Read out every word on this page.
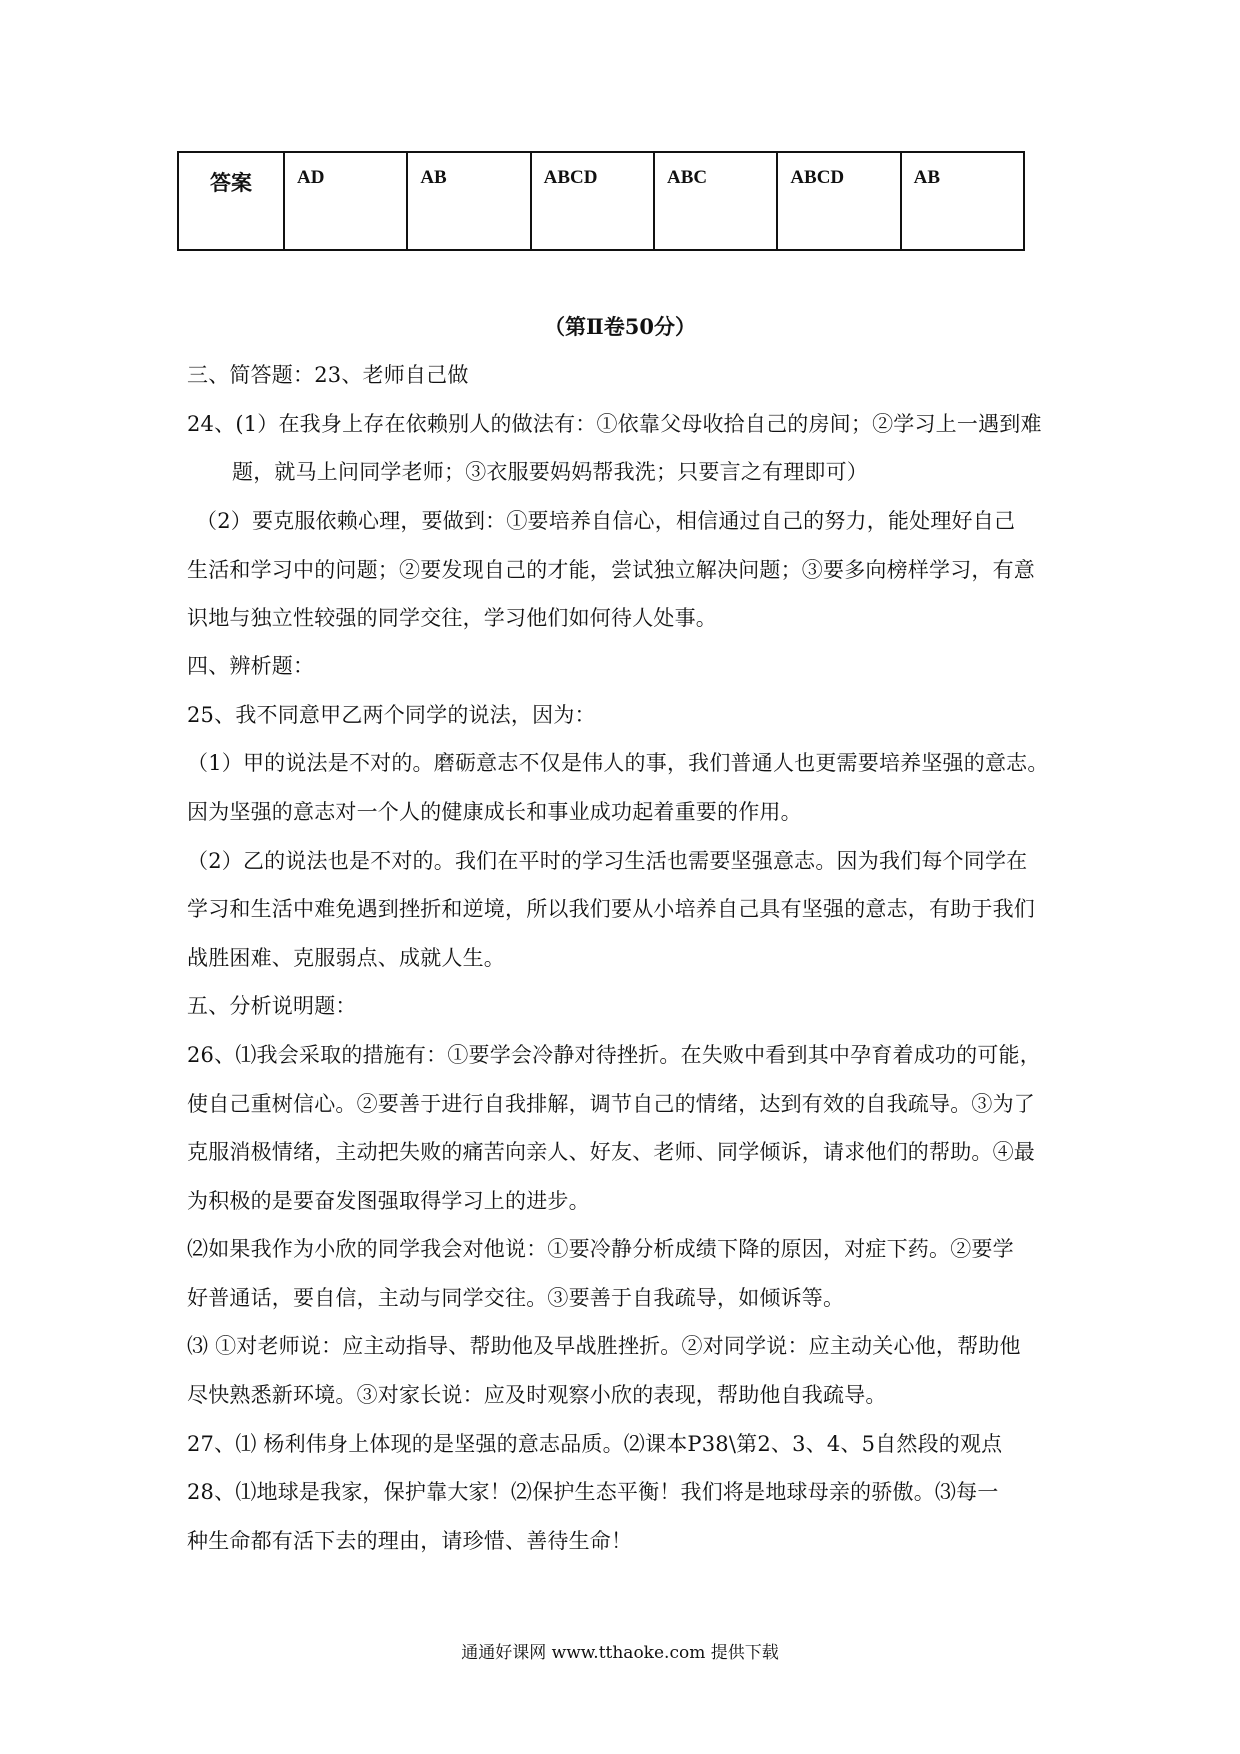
答案	AD	AB	ABCD	ABC	ABCD	AB
（第Ⅱ卷50分）
三、简答题：23、老师自己做
24、(1）在我身上存在依赖别人的做法有：①依靠父母收拾自己的房间；②学习上一遇到难
题，就马上问同学老师；③衣服要妈妈帮我洗；只要言之有理即可）
（2）要克服依赖心理，要做到：①要培养自信心，相信通过自己的努力，能处理好自己
生活和学习中的问题；②要发现自己的才能，尝试独立解决问题；③要多向榜样学习，有意
识地与独立性较强的同学交往，学习他们如何待人处事。
四、辨析题：
25、我不同意甲乙两个同学的说法，因为：
（1）甲的说法是不对的。磨砺意志不仅是伟人的事，我们普通人也更需要培养坚强的意志。
因为坚强的意志对一个人的健康成长和事业成功起着重要的作用。
（2）乙的说法也是不对的。我们在平时的学习生活也需要坚强意志。因为我们每个同学在
学习和生活中难免遇到挫折和逆境，所以我们要从小培养自己具有坚强的意志，有助于我们
战胜困难、克服弱点、成就人生。
五、分析说明题：
26、⑴我会采取的措施有：①要学会冷静对待挫折。在失败中看到其中孕育着成功的可能，
使自己重树信心。②要善于进行自我排解，调节自己的情绪，达到有效的自我疏导。③为了
克服消极情绪，主动把失败的痛苦向亲人、好友、老师、同学倾诉，请求他们的帮助。④最
为积极的是要奋发图强取得学习上的进步。
⑵如果我作为小欣的同学我会对他说：①要冷静分析成绩下降的原因，对症下药。②要学
好普通话，要自信，主动与同学交往。③要善于自我疏导，如倾诉等。
⑶ ①对老师说：应主动指导、帮助他及早战胜挫折。②对同学说：应主动关心他，帮助他
尽快熟悉新环境。③对家长说：应及时观察小欣的表现，帮助他自我疏导。
27、⑴ 杨利伟身上体现的是坚强的意志品质。⑵课本P38\第2、3、4、5自然段的观点
28、⑴地球是我家，保护靠大家！⑵保护生态平衡！我们将是地球母亲的骄傲。⑶每一
种生命都有活下去的理由，请珍惜、善待生命！
通通好课网 www.tthaoke.com 提供下载
